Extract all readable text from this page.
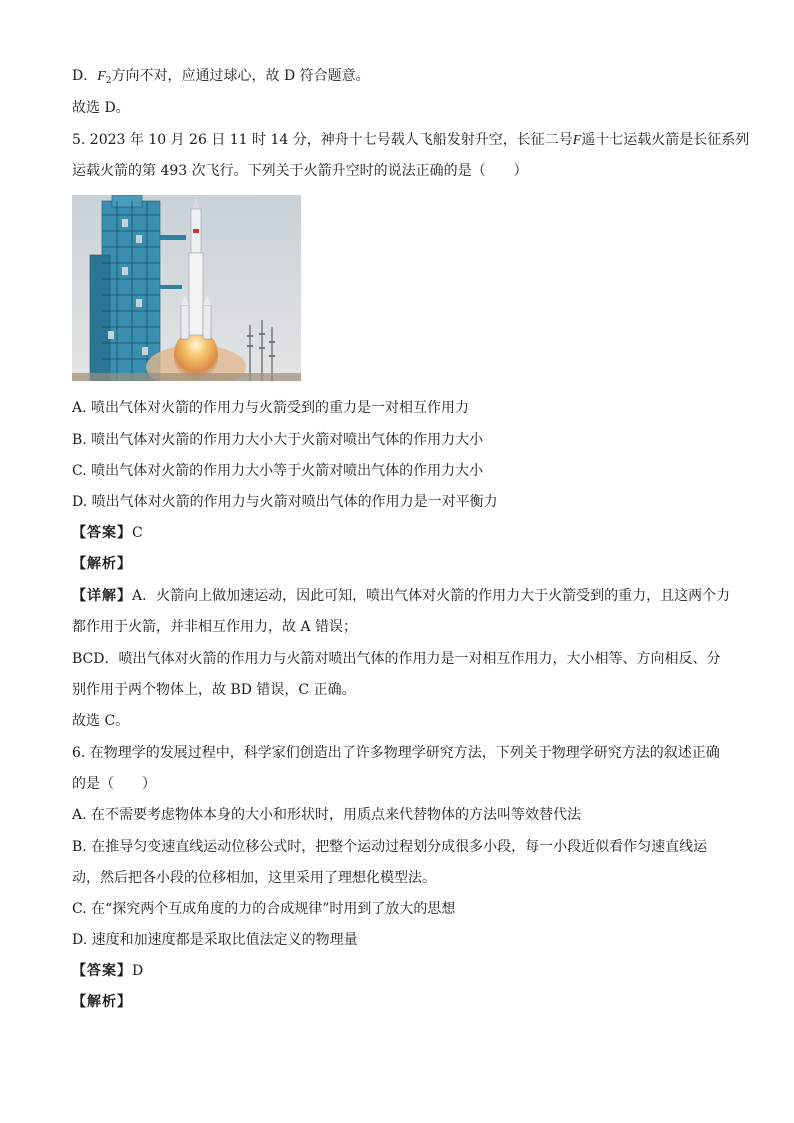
D．$F_2$方向不对，应通过球心，故 D 符合题意。
故选 D。
5. 2023 年 10 月 26 日 11 时 14 分，神舟十七号载人飞船发射升空，长征二号F遥十七运载火箭是长征系列
运载火箭的第 493 次飞行。下列关于火箭升空时的说法正确的是（　　）
A. 喷出气体对火箭的作用力与火箭受到的重力是一对相互作用力
B. 喷出气体对火箭的作用力大小大于火箭对喷出气体的作用力大小
C. 喷出气体对火箭的作用力大小等于火箭对喷出气体的作用力大小
D. 喷出气体对火箭的作用力与火箭对喷出气体的作用力是一对平衡力
【答案】C
【解析】
【详解】A．火箭向上做加速运动，因此可知，喷出气体对火箭的作用力大于火箭受到的重力，且这两个力
都作用于火箭，并非相互作用力，故 A 错误；
BCD．喷出气体对火箭的作用力与火箭对喷出气体的作用力是一对相互作用力，大小相等、方向相反、分
别作用于两个物体上，故 BD 错误，C 正确。
故选 C。
6. 在物理学的发展过程中，科学家们创造出了许多物理学研究方法，下列关于物理学研究方法的叙述正确
的是（　　）
A. 在不需要考虑物体本身的大小和形状时，用质点来代替物体的方法叫等效替代法
B. 在推导匀变速直线运动位移公式时，把整个运动过程划分成很多小段，每一小段近似看作匀速直线运
动，然后把各小段的位移相加，这里采用了理想化模型法。
C. 在“探究两个互成角度的力的合成规律”时用到了放大的思想
D. 速度和加速度都是采取比值法定义的物理量
【答案】D
【解析】
